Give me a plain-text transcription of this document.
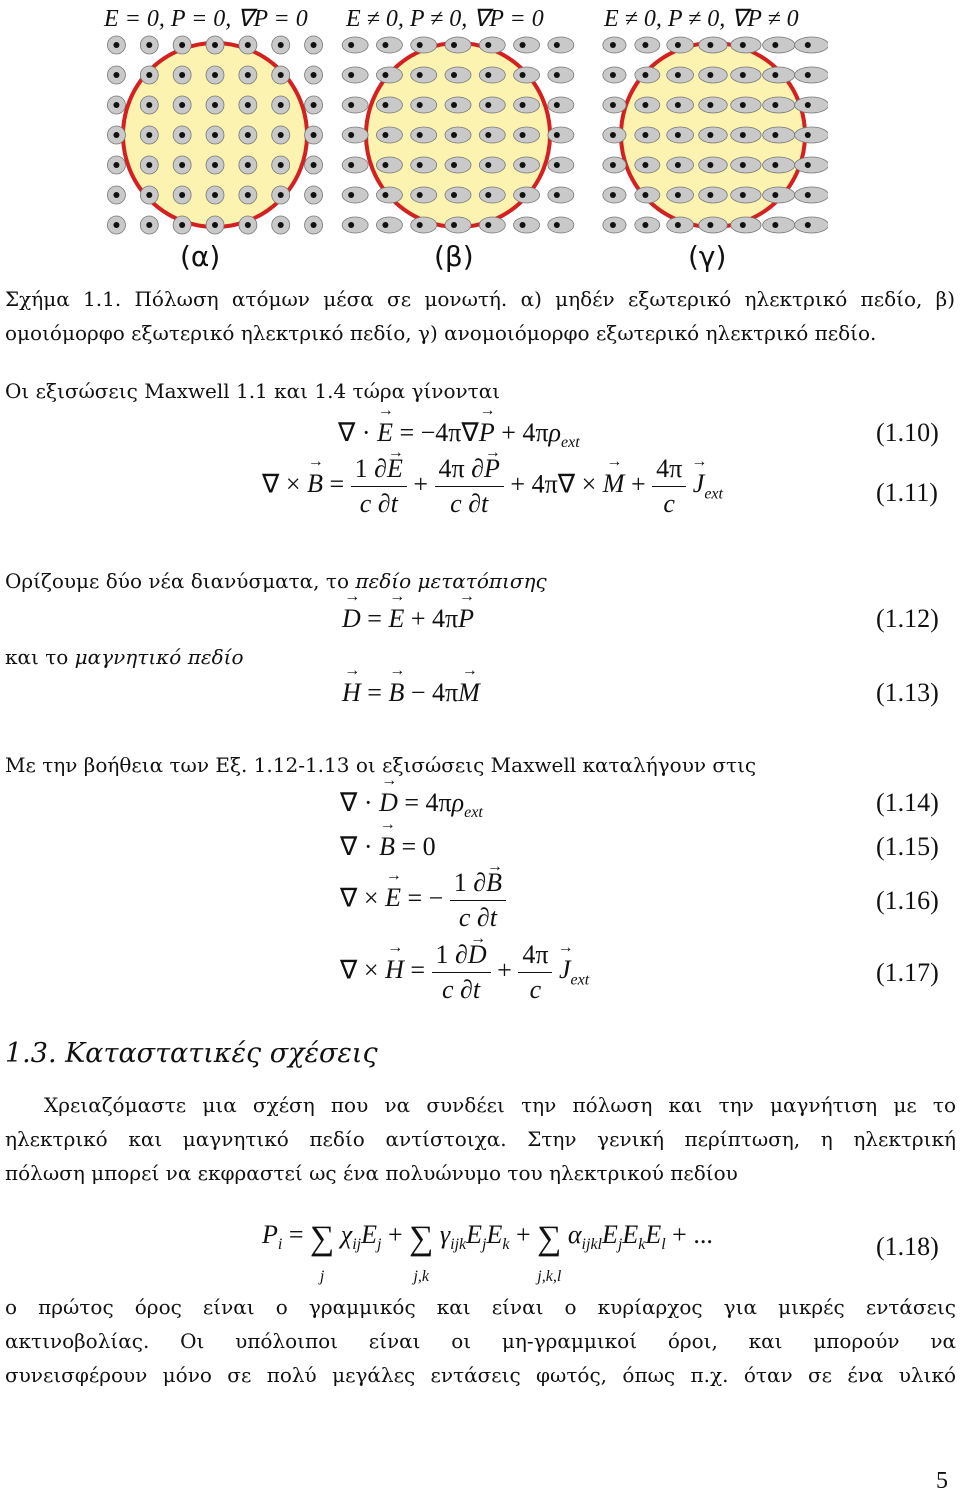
E = 0, P = 0, ∇P = 0 E ≠ 0, P ≠ 0, ∇P = 0	E ≠ 0, P ≠ 0, ∇P ≠ 0
(α)	(β)	(γ)
Σχήμα 1.1. Πόλωση ατόμων μέσα σε μονωτή. α) μηδέν εξωτερικό ηλεκτρικό πεδίο, β)
ομοιόμορφο εξωτερικό ηλεκτρικό πεδίο, γ) ανομοιόμορφο εξωτερικό ηλεκτρικό πεδίο.
Οι εξισώσεις Maxwell 1.1 και 1.4 τώρα γίνονται
∇ · → $E = -4\pi\nabla\to P + 4\pi\rho_{ext}$	(1.10)
∇ × → $B = \frac{1 \partial\to E}{c \partial t} + \frac{4\pi \partial\to P}{c \partial t} + 4\pi\nabla$ × → $M + \frac{4\pi}{c}$
→ $J_{ext}$	(1.11)
Ορίζουμε δύο νέα διανύσματα, το πεδίο μετατόπισης
→ D = → E + 4π→ P	(1.12)
και το μαγνητικό πεδίο
→ H = → B − 4π→ M	(1.13)
Με την βοήθεια των Εξ. 1.12-1.13 οι εξισώσεις Maxwell καταλήγουν στις
∇ · → $D = 4\pi\rho_{ext}$	(1.14)
∇ · → B = 0	(1.15)
∇ × → E = − $\frac{1 \partial\to B}{c \partial t}$	(1.16)
∇ × → $H = \frac{1 \partial\to D}{c \partial t} + \frac{4\pi}{c}$
→ $J_{ext}$	(1.17)
1.3. Καταστατικές σχέσεις
Χρειαζόμαστε μια σχέση που να συνδέει την πόλωση και την μαγνήτιση με το
ηλεκτρικό και μαγνητικό πεδίο αντίστοιχα. Στην γενική περίπτωση, η ηλεκτρική
πόλωση μπορεί να εκφραστεί ως ένα πολυώνυμο του ηλεκτρικού πεδίου
$P_i$ = ∑
j $\chi_{ij}E_j$ + ∑
j,k $\gamma_{ijk}E_jE_k$ + ∑
j,k,l $\alpha_{ijkl}E_jE_kE_l$ + ...	(1.18)
ο πρώτος όρος είναι ο γραμμικός και είναι ο κυρίαρχος για μικρές εντάσεις
ακτινοβολίας. Οι υπόλοιποι είναι οι μη-γραμμικοί όροι, και μπορούν να
συνεισφέρουν μόνο σε πολύ μεγάλες εντάσεις φωτός, όπως π.χ. όταν σε ένα υλικό
5
